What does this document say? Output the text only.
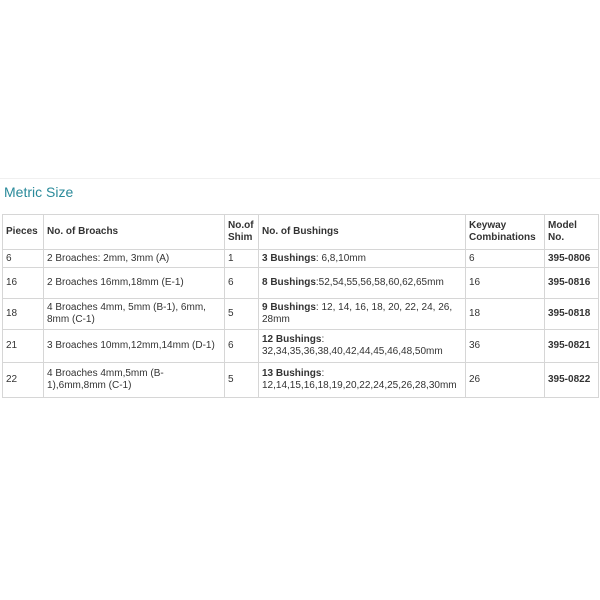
Metric Size
Pieces	No. of Broachs	No.of Shim	No. of Bushings	Keyway Combinations	Model No.
6	2 Broaches: 2mm, 3mm (A)	1	3 Bushings: 6,8,10mm	6	395-0806
16	2 Broaches 16mm,18mm (E-1)	6	8 Bushings:52,54,55,56,58,60,62,65mm	16	395-0816
18	4 Broaches 4mm, 5mm (B-1), 6mm, 8mm (C-1)	5	9 Bushings: 12, 14, 16, 18, 20, 22, 24, 26, 28mm	18	395-0818
21	3 Broaches 10mm,12mm,14mm (D-1)	6	12 Bushings: 32,34,35,36,38,40,42,44,45,46,48,50mm	36	395-0821
22	4 Broaches 4mm,5mm (B-1),6mm,8mm (C-1)	5	13 Bushings: 12,14,15,16,18,19,20,22,24,25,26,28,30mm	26	395-0822
